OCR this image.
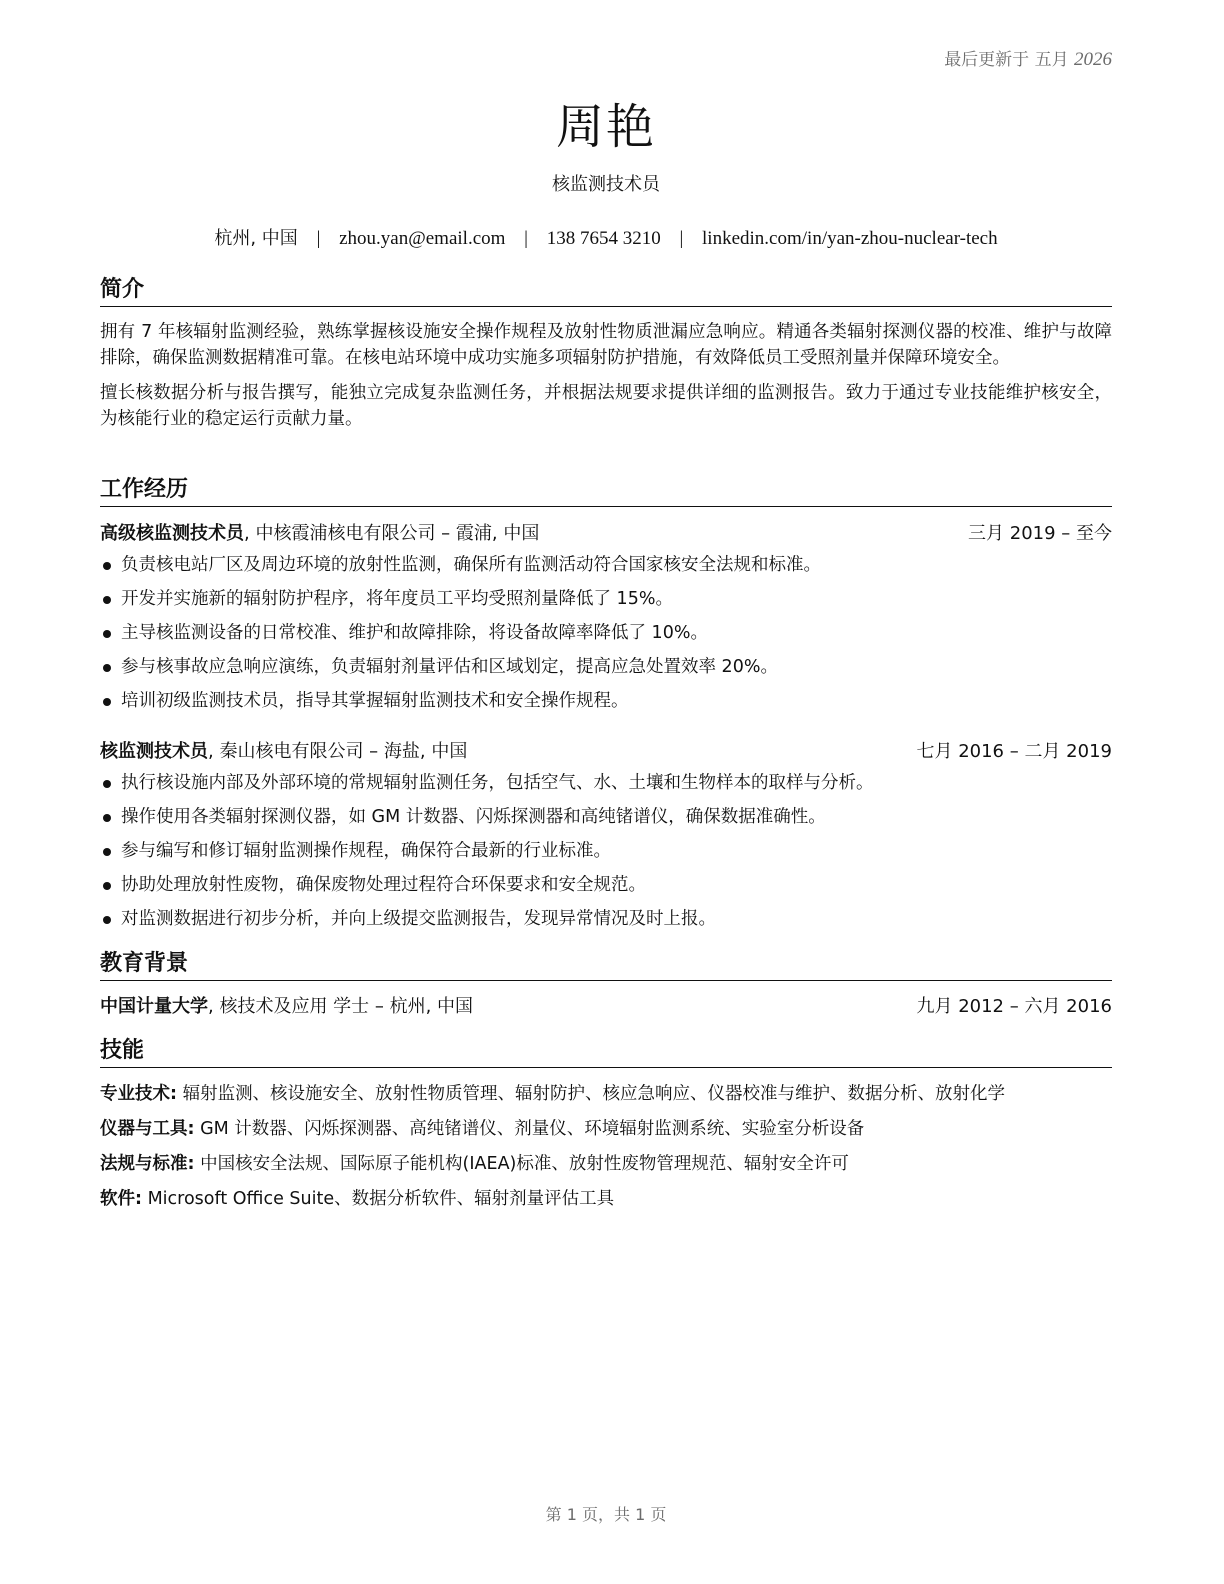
最后更新于 五月 2026
周艳
核监测技术员
杭州, 中国 | zhou.yan@email.com | 138 7654 3210 | linkedin.com/in/yan-zhou-nuclear-tech
简介

拥有 7 年核辐射监测经验，熟练掌握核设施安全操作规程及放射性物质泄漏应急响应。精通各类辐射探测仪器的校准、维护与故障排除，确保监测数据精准可靠。在核电站环境中成功实施多项辐射防护措施，有效降低员工受照剂量并保障环境安全。

擅长核数据分析与报告撰写，能独立完成复杂监测任务，并根据法规要求提供详细的监测报告。致力于通过专业技能维护核安全，为核能行业的稳定运行贡献力量。

工作经历
高级核监测技术员, 中核霞浦核电有限公司 – 霞浦, 中国	三月 2019 – 至今
负责核电站厂区及周边环境的放射性监测，确保所有监测活动符合国家核安全法规和标准。
开发并实施新的辐射防护程序，将年度员工平均受照剂量降低了 15%。
主导核监测设备的日常校准、维护和故障排除，将设备故障率降低了 10%。
参与核事故应急响应演练，负责辐射剂量评估和区域划定，提高应急处置效率 20%。
培训初级监测技术员，指导其掌握辐射监测技术和安全操作规程。
核监测技术员, 秦山核电有限公司 – 海盐, 中国	七月 2016 – 二月 2019
执行核设施内部及外部环境的常规辐射监测任务，包括空气、水、土壤和生物样本的取样与分析。
操作使用各类辐射探测仪器，如 GM 计数器、闪烁探测器和高纯锗谱仪，确保数据准确性。
参与编写和修订辐射监测操作规程，确保符合最新的行业标准。
协助处理放射性废物，确保废物处理过程符合环保要求和安全规范。
对监测数据进行初步分析，并向上级提交监测报告，发现异常情况及时上报。
教育背景
中国计量大学, 核技术及应用 学士 – 杭州, 中国	九月 2012 – 六月 2016
技能
专业技术: 辐射监测、核设施安全、放射性物质管理、辐射防护、核应急响应、仪器校准与维护、数据分析、放射化学
仪器与工具: GM 计数器、闪烁探测器、高纯锗谱仪、剂量仪、环境辐射监测系统、实验室分析设备
法规与标准: 中国核安全法规、国际原子能机构(IAEA)标准、放射性废物管理规范、辐射安全许可
软件: Microsoft Office Suite、数据分析软件、辐射剂量评估工具
第 1 页，共 1 页
